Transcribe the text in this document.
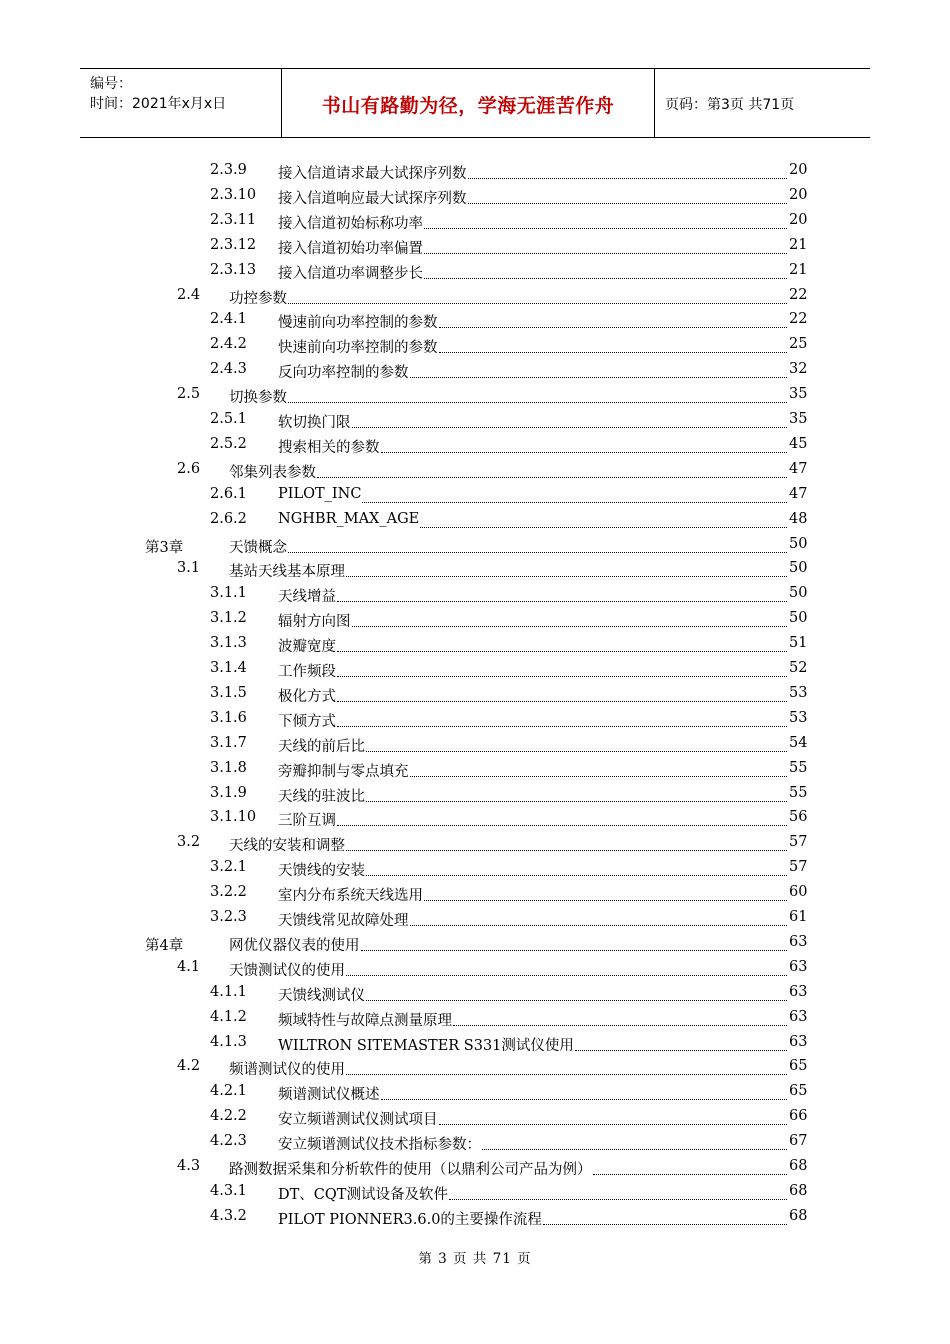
编号：
时间：2021年x月x日	书山有路勤为径，学海无涯苦作舟	页码：第3页 共71页
2.3.9 接入信道请求最大试探序列数	20
2.3.10 接入信道响应最大试探序列数	20
2.3.11 接入信道初始标称功率	20
2.3.12 接入信道初始功率偏置	21
2.3.13 接入信道功率调整步长	21
2.4 功控参数	22
2.4.1 慢速前向功率控制的参数	22
2.4.2 快速前向功率控制的参数	25
2.4.3 反向功率控制的参数	32
2.5 切换参数	35
2.5.1 软切换门限	35
2.5.2 搜索相关的参数	45
2.6 邻集列表参数	47
2.6.1 PILOT_INC	47
2.6.2 NGHBR_MAX_AGE	48
第3章	天馈概念	50
3.1 基站天线基本原理	50
3.1.1 天线增益	50
3.1.2 辐射方向图	50
3.1.3 波瓣宽度	51
3.1.4 工作频段	52
3.1.5 极化方式	53
3.1.6 下倾方式	53
3.1.7 天线的前后比	54
3.1.8 旁瓣抑制与零点填充	55
3.1.9 天线的驻波比	55
3.1.10 三阶互调	56
3.2 天线的安装和调整	57
3.2.1 天馈线的安装	57
3.2.2 室内分布系统天线选用	60
3.2.3 天馈线常见故障处理	61
第4章	网优仪器仪表的使用	63
4.1 天馈测试仪的使用	63
4.1.1 天馈线测试仪	63
4.1.2 频域特性与故障点测量原理	63
4.1.3 WILTRON SITEMASTER S331测试仪使用	63
4.2 频谱测试仪的使用	65
4.2.1 频谱测试仪概述	65
4.2.2 安立频谱测试仪测试项目	66
4.2.3 安立频谱测试仪技术指标参数：	67
4.3 路测数据采集和分析软件的使用（以鼎利公司产品为例）	68
4.3.1 DT、CQT测试设备及软件	68
4.3.2 PILOT PIONNER3.6.0的主要操作流程	68
第 3 页 共 71 页
